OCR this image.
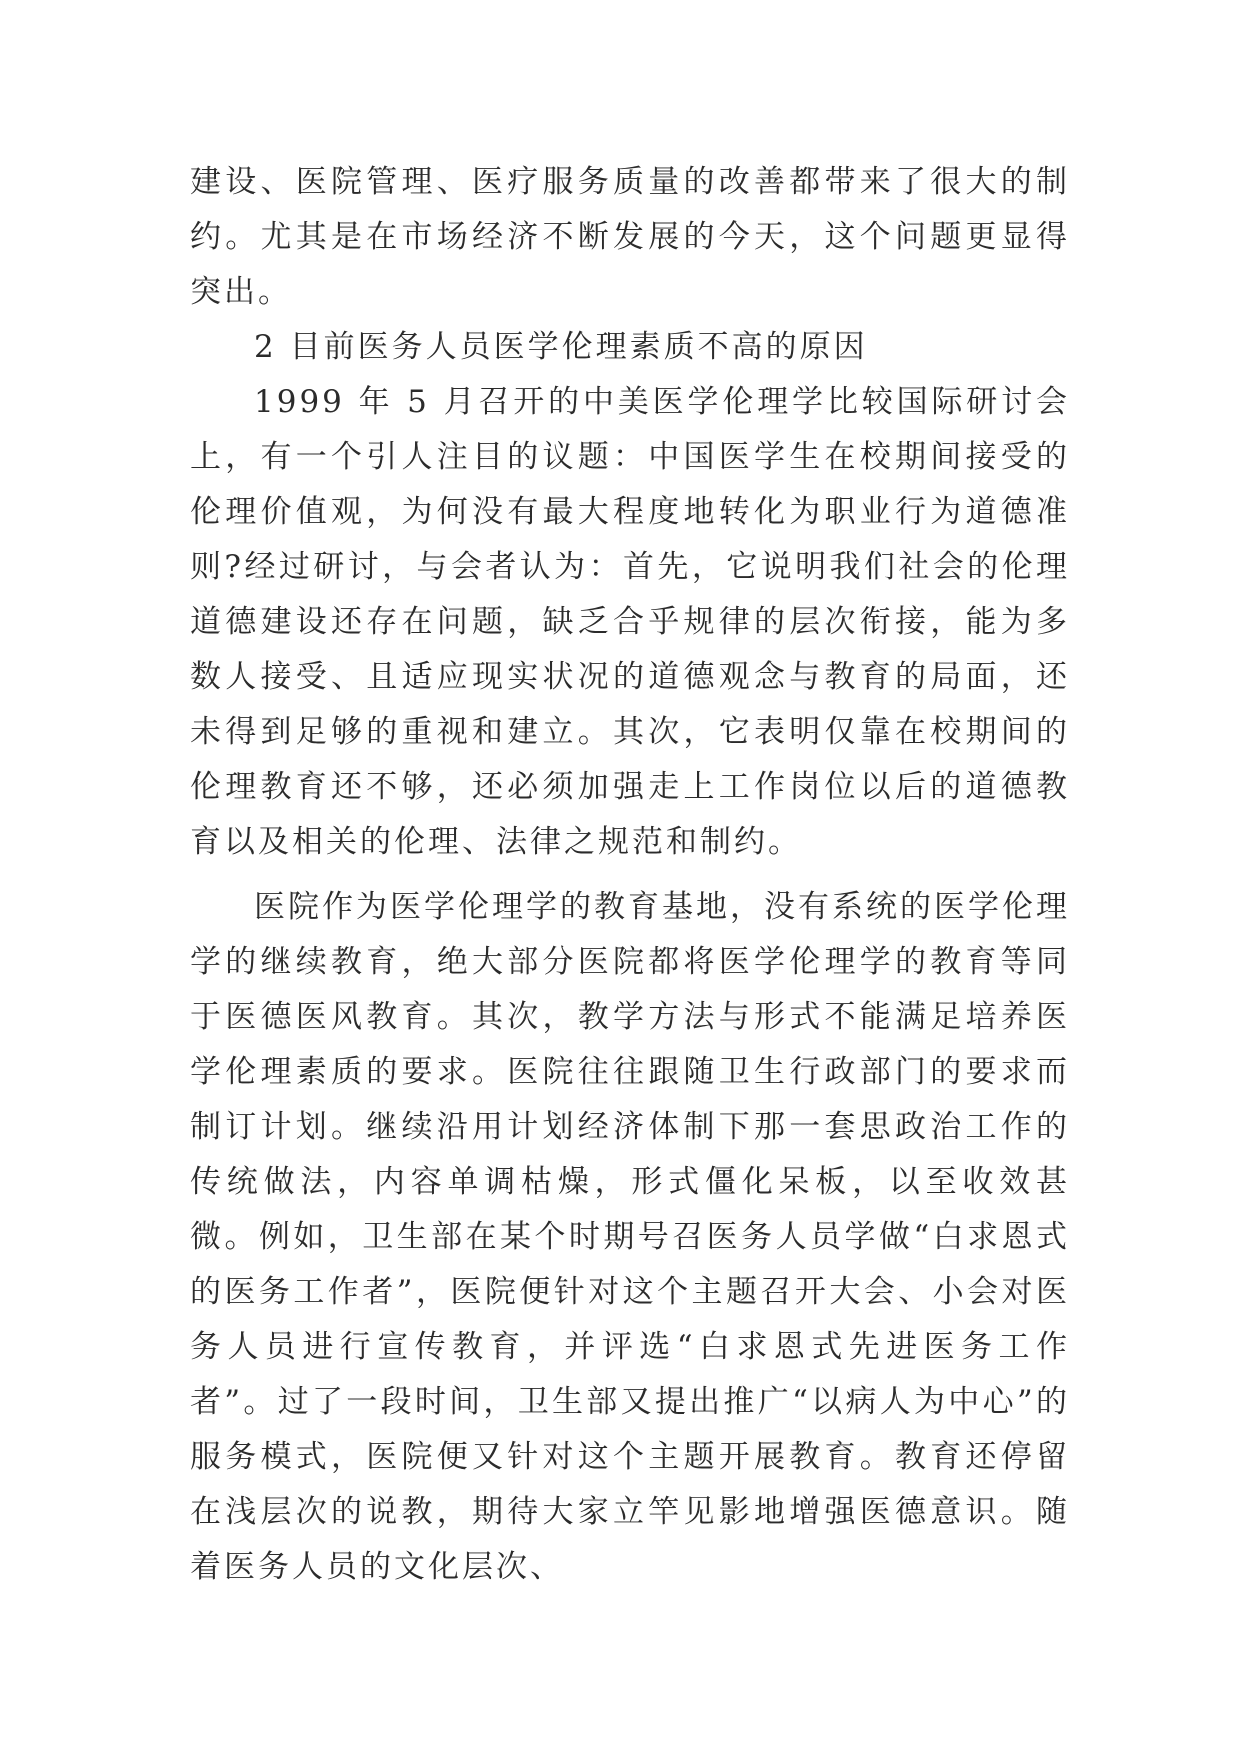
建设、医院管理、医疗服务质量的改善都带来了很大的制约。尤其是在市场经济不断发展的今天，这个问题更显得突出。

2 目前医务人员医学伦理素质不高的原因

1999 年 5 月召开的中美医学伦理学比较国际研讨会上，有一个引人注目的议题：中国医学生在校期间接受的伦理价值观，为何没有最大程度地转化为职业行为道德准则?经过研讨，与会者认为：首先，它说明我们社会的伦理道德建设还存在问题，缺乏合乎规律的层次衔接，能为多数人接受、且适应现实状况的道德观念与教育的局面，还未得到足够的重视和建立。其次，它表明仅靠在校期间的伦理教育还不够，还必须加强走上工作岗位以后的道德教育以及相关的伦理、法律之规范和制约。

医院作为医学伦理学的教育基地，没有系统的医学伦理学的继续教育，绝大部分医院都将医学伦理学的教育等同于医德医风教育。其次，教学方法与形式不能满足培养医学伦理素质的要求。医院往往跟随卫生行政部门的要求而制订计划。继续沿用计划经济体制下那一套思政治工作的传统做法，内容单调枯燥，形式僵化呆板，以至收效甚微。例如，卫生部在某个时期号召医务人员学做“白求恩式的医务工作者”，医院便针对这个主题召开大会、小会对医务人员进行宣传教育，并评选“白求恩式先进医务工作者”。过了一段时间，卫生部又提出推广“以病人为中心”的服务模式，医院便又针对这个主题开展教育。教育还停留在浅层次的说教，期待大家立竿见影地增强医德意识。随着医务人员的文化层次、
